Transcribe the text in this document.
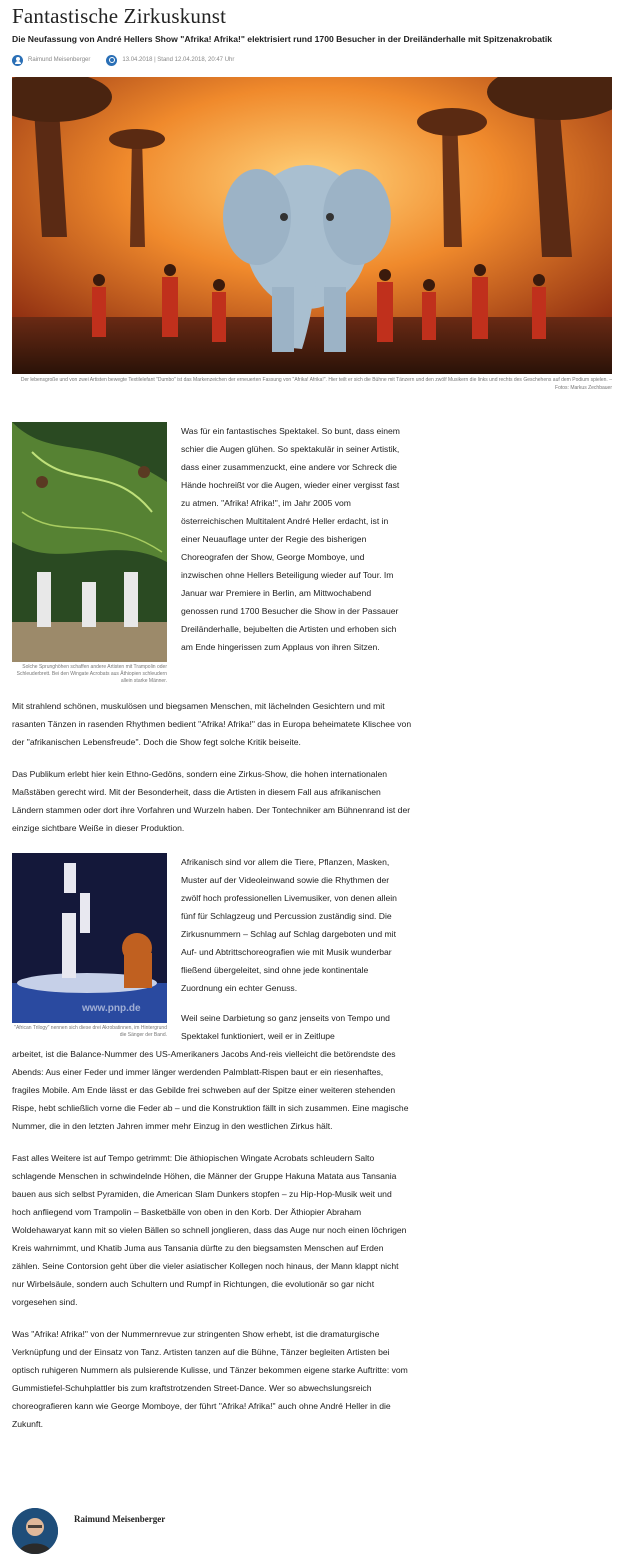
Fantastische Zirkuskunst
Die Neufassung von André Hellers Show "Afrika! Afrika!" elektrisiert rund 1700 Besucher in der Dreiländerhalle mit Spitzenakrobatik
Raimund Meisenberger	13.04.2018 | Stand 12.04.2018, 20:47 Uhr
Der lebensgroße und von zwei Artisten bewegte Textilelefant "Dumbo" ist das Markenzeichen der erneuerten Fassung von "Afrika! Afrika!". Hier teilt er sich die Bühne mit Tänzern und den zwölf Musikern die links und rechts des Geschehens auf dem Podium spielen. – Fotos: Markus Zechbauer
Solche Sprunghöhen schaffen andere Artisten mit Trampolin oder Schleuderbrett. Bei den Wingate Acrobats aus Äthiopien schleudern allein starke Männer.
Was für ein fantastisches Spektakel. So bunt, dass einem schier die Augen glühen. So spektakulär in seiner Artistik, dass einer zusammenzuckt, eine andere vor Schreck die Hände hochreißt vor die Augen, wieder einer vergisst fast zu atmen. "Afrika! Afrika!", im Jahr 2005 vom österreichischen Multitalent André Heller erdacht, ist in einer Neuauflage unter der Regie des bisherigen Choreografen der Show, George Momboye, und inzwischen ohne Hellers Beteiligung wieder auf Tour. Im Januar war Premiere in Berlin, am Mittwochabend genossen rund 1700 Besucher die Show in der Passauer Dreiländerhalle, bejubelten die Artisten und erhoben sich am Ende hingerissen zum Applaus von ihren Sitzen.
Mit strahlend schönen, muskulösen und biegsamen Menschen, mit lächelnden Gesichtern und mit rasanten Tänzen in rasenden Rhythmen bedient "Afrika! Afrika!" das in Europa beheimatete Klischee von der "afrikanischen Lebensfreude". Doch die Show fegt solche Kritik beiseite.
Das Publikum erlebt hier kein Ethno-Gedöns, sondern eine Zirkus-Show, die hohen internationalen Maßstäben gerecht wird. Mit der Besonderheit, dass die Artisten in diesem Fall aus afrikanischen Ländern stammen oder dort ihre Vorfahren und Wurzeln haben. Der Tontechniker am Bühnenrand ist der einzige sichtbare Weiße in dieser Produktion.
www.pnp.de
"African Trilogy" nennen sich diese drei Akrobatinnen, im Hintergrund die Sänger der Band.
Afrikanisch sind vor allem die Tiere, Pflanzen, Masken, Muster auf der Videoleinwand sowie die Rhythmen der zwölf hoch professionellen Livemusiker, von denen allein fünf für Schlagzeug und Percussion zuständig sind. Die Zirkusnummern – Schlag auf Schlag dargeboten und mit Auf- und Abtrittschoreografien wie mit Musik wunderbar fließend übergeleitet, sind ohne jede kontinentale Zuordnung ein echter Genuss.
Weil seine Darbietung so ganz jenseits von Tempo und Spektakel funktioniert, weil er in Zeitlupe
arbeitet, ist die Balance-Nummer des US-Amerikaners Jacobs And-reis vielleicht die betörendste des Abends: Aus einer Feder und immer länger werdenden Palmblatt-Rispen baut er ein riesenhaftes, fragiles Mobile. Am Ende lässt er das Gebilde frei schweben auf der Spitze einer weiteren stehenden Rispe, hebt schließlich vorne die Feder ab – und die Konstruktion fällt in sich zusammen. Eine magische Nummer, die in den letzten Jahren immer mehr Einzug in den westlichen Zirkus hält.
Fast alles Weitere ist auf Tempo getrimmt: Die äthiopischen Wingate Acrobats schleudern Salto schlagende Menschen in schwindelnde Höhen, die Männer der Gruppe Hakuna Matata aus Tansania bauen aus sich selbst Pyramiden, die American Slam Dunkers stopfen – zu Hip-Hop-Musik weit und hoch anfliegend vom Trampolin – Basketbälle von oben in den Korb. Der Äthiopier Abraham Woldehawaryat kann mit so vielen Bällen so schnell jonglieren, dass das Auge nur noch einen löchrigen Kreis wahrnimmt, und Khatib Juma aus Tansania dürfte zu den biegsamsten Menschen auf Erden zählen. Seine Contorsion geht über die vieler asiatischer Kollegen noch hinaus, der Mann klappt nicht nur Wirbelsäule, sondern auch Schultern und Rumpf in Richtungen, die evolutionär so gar nicht vorgesehen sind.
Was "Afrika! Afrika!" von der Nummernrevue zur stringenten Show erhebt, ist die dramaturgische Verknüpfung und der Einsatz von Tanz. Artisten tanzen auf die Bühne, Tänzer begleiten Artisten bei optisch ruhigeren Nummern als pulsierende Kulisse, und Tänzer bekommen eigene starke Auftritte: vom Gummistiefel-Schuhplattler bis zum kraftstrotzenden Street-Dance. Wer so abwechslungsreich choreografieren kann wie George Momboye, der führt "Afrika! Afrika!" auch ohne André Heller in die Zukunft.
Raimund Meisenberger
